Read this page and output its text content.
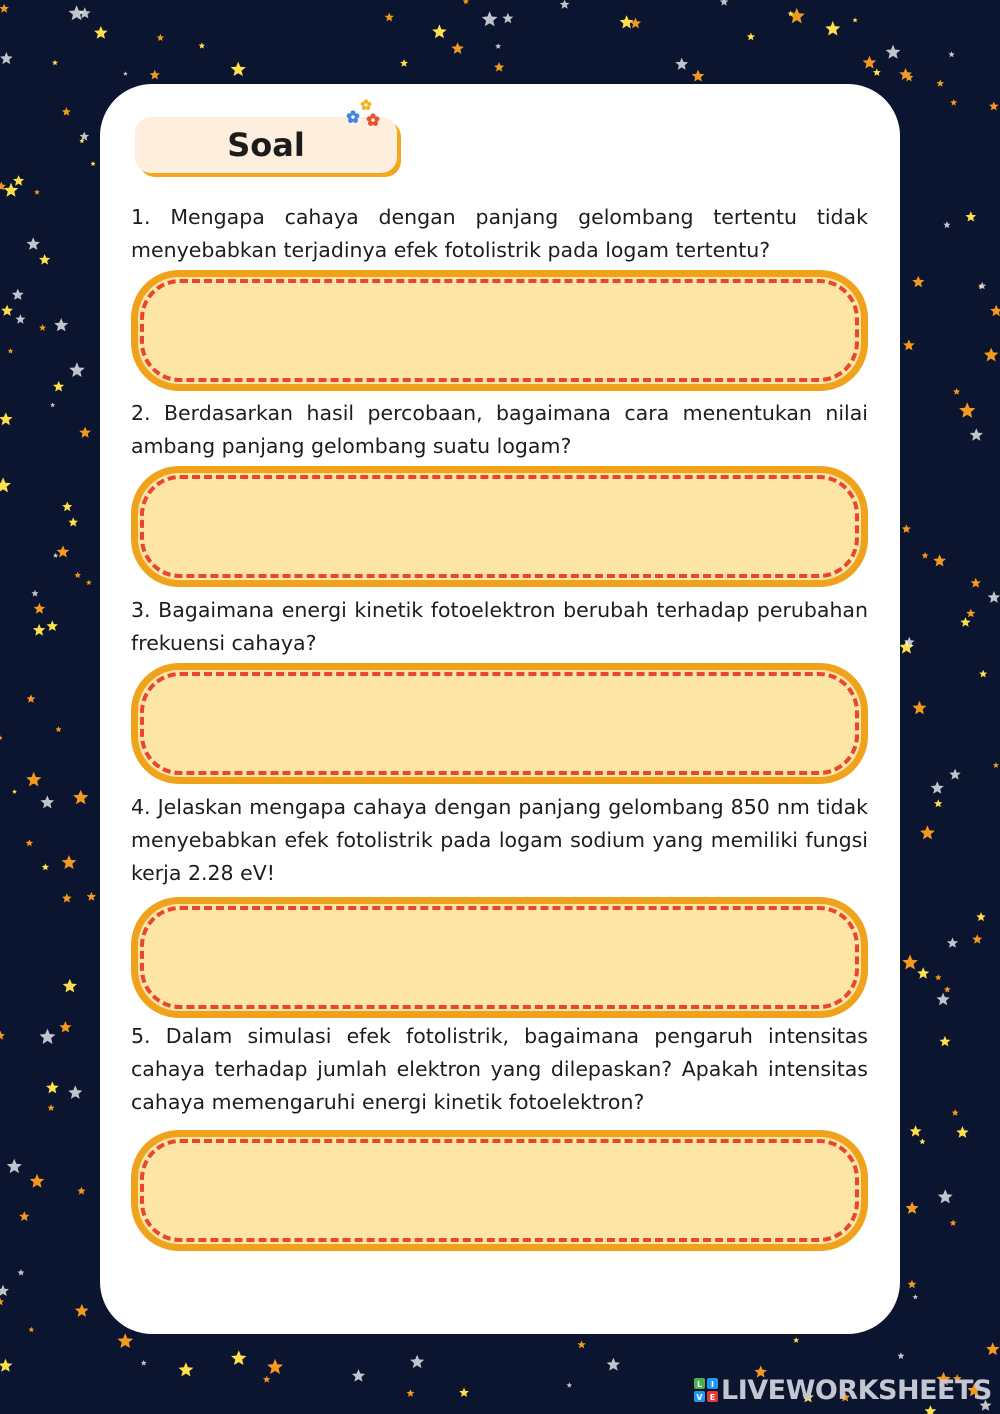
Soal
1. Mengapa cahaya dengan panjang gelombang tertentu tidak menyebabkan terjadinya efek fotolistrik pada logam tertentu?
2. Berdasarkan hasil percobaan, bagaimana cara menentukan nilai ambang panjang gelombang suatu logam?
3. Bagaimana energi kinetik fotoelektron berubah terhadap perubahan frekuensi cahaya?
4. Jelaskan mengapa cahaya dengan panjang gelombang 850 nm tidak menyebabkan efek fotolistrik pada logam sodium yang memiliki fungsi kerja 2.28 eV!
5. Dalam simulasi efek fotolistrik, bagaimana pengaruh intensitas cahaya terhadap jumlah elektron yang dilepaskan? Apakah intensitas cahaya memengaruhi energi kinetik fotoelektron?
L I
V E LIVEWORKSHEETS
